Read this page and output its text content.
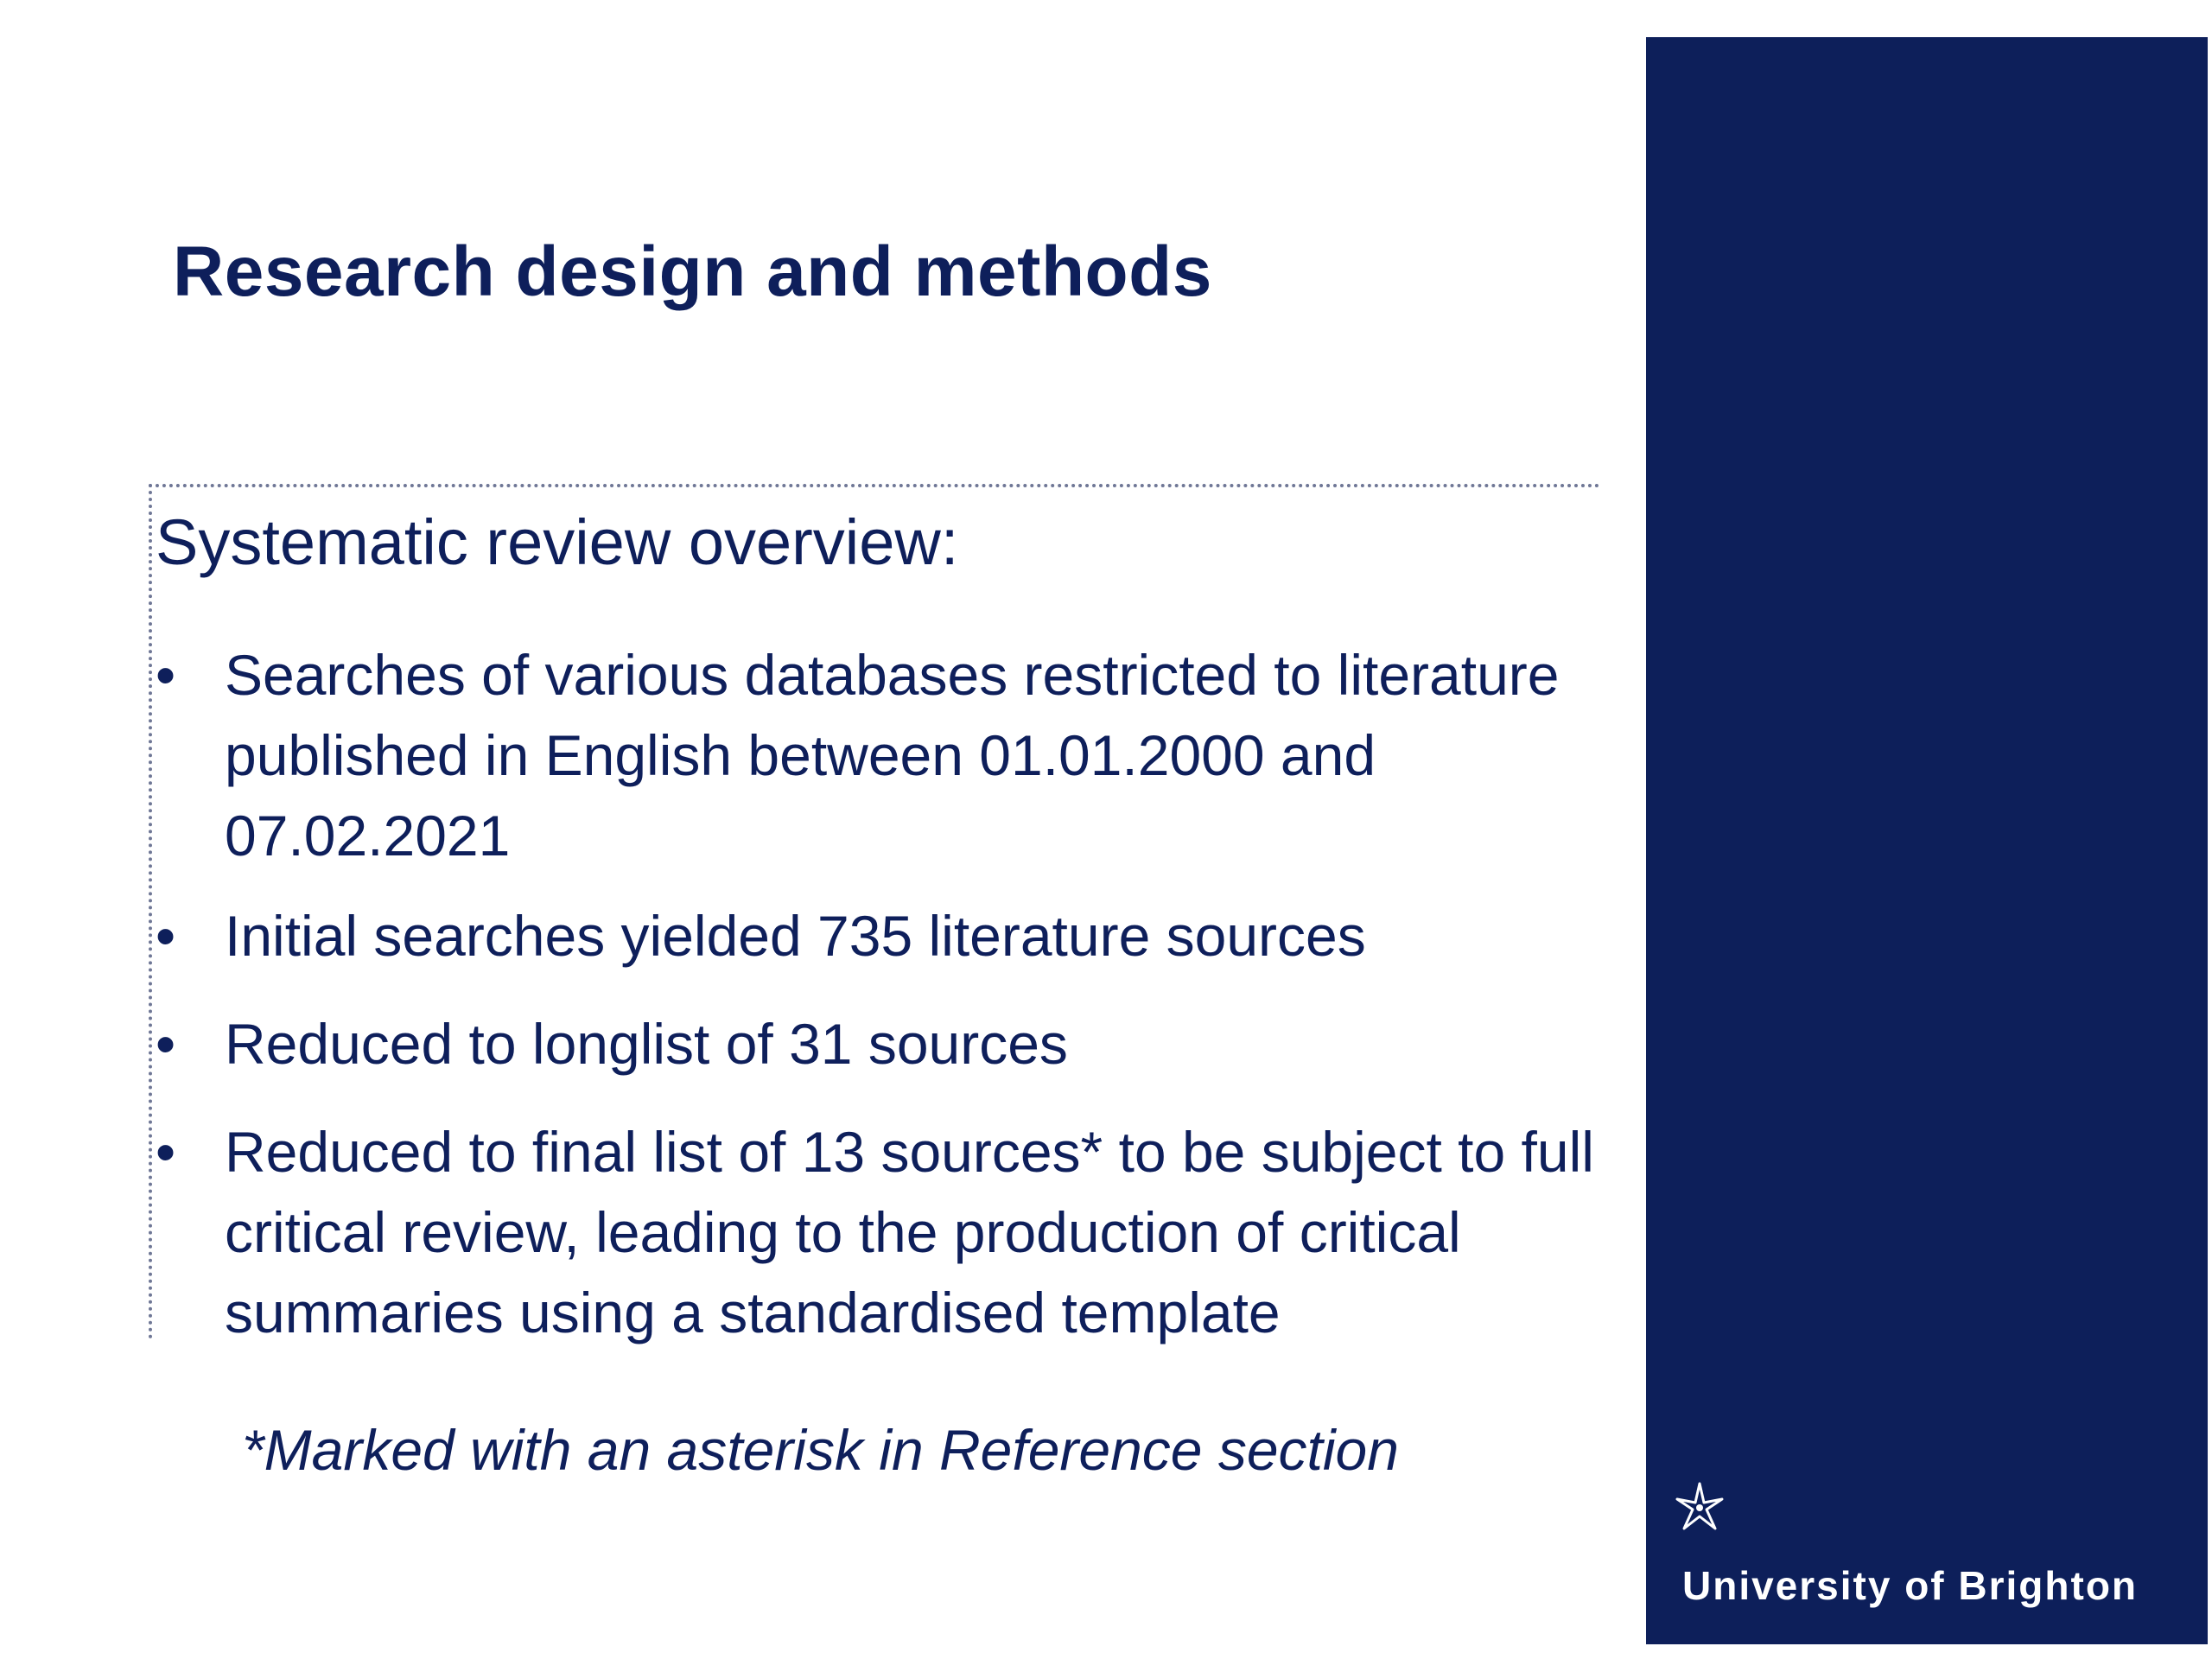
Research design and methods
Systematic review overview:
• Searches of various databases restricted to literature published in English between 01.01.2000 and 07.02.2021
• Initial searches yielded 735 literature sources
• Reduced to longlist of 31 sources
• Reduced to final list of 13 sources* to be subject to full critical review, leading to the production of critical summaries using a standardised template
*Marked with an asterisk in Reference section
University of Brighton
